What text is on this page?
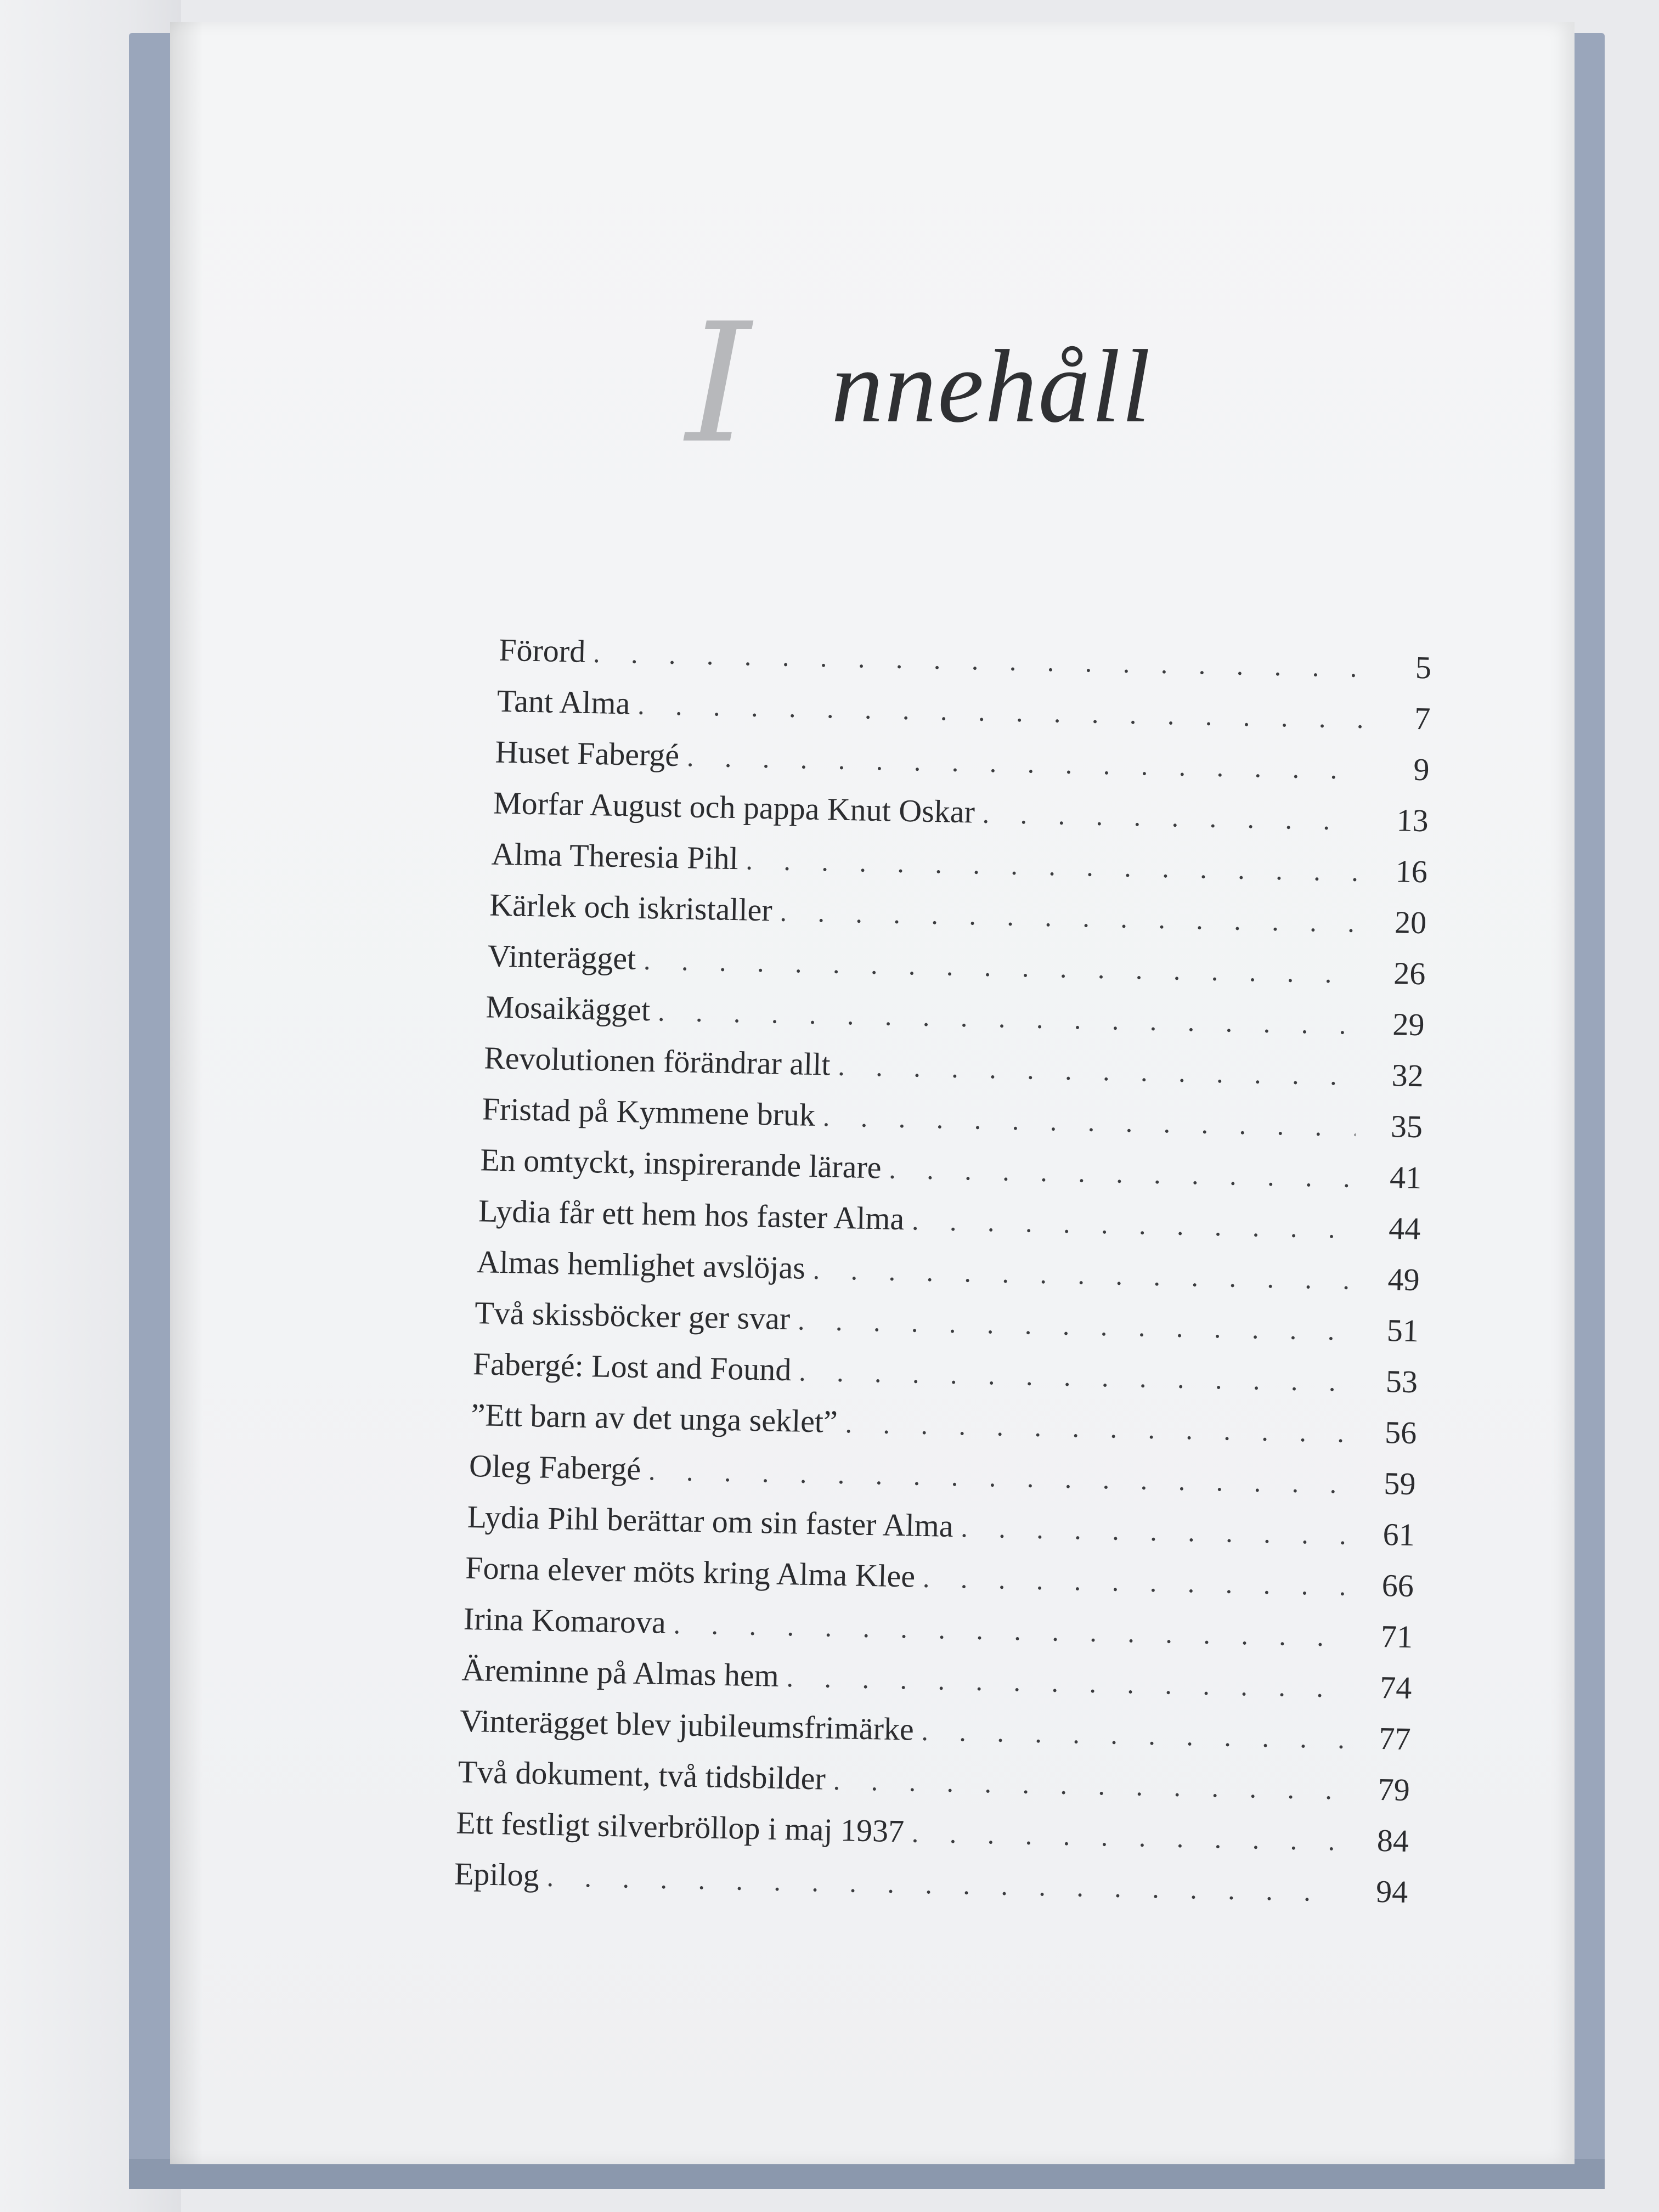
I nnehåll
Förord . . .	5
Tant Alma . . .	7
Huset Fabergé . . .	9
Morfar August och pappa Knut Oskar . . .	13
Alma Theresia Pihl . . .	16
Kärlek och iskristaller . . .	20
Vinterägget . . .	26
Mosaikägget . . .	29
Revolutionen förändrar allt . . .	32
Fristad på Kymmene bruk . . .	35
En omtyckt, inspirerande lärare . . .	41
Lydia får ett hem hos faster Alma . . .	44
Almas hemlighet avslöjas . . .	49
Två skissböcker ger svar . . .	51
Fabergé: Lost and Found . . .	53
”Ett barn av det unga seklet” . . .	56
Oleg Fabergé . . .	59
Lydia Pihl berättar om sin faster Alma . . .	61
Forna elever möts kring Alma Klee . . .	66
Irina Komarova . . .	71
Äreminne på Almas hem . . .	74
Vinterägget blev jubileumsfrimärke . . .	77
Två dokument, två tidsbilder . . .	79
Ett festligt silverbröllop i maj 1937 . . .	84
Epilog . . .	94
